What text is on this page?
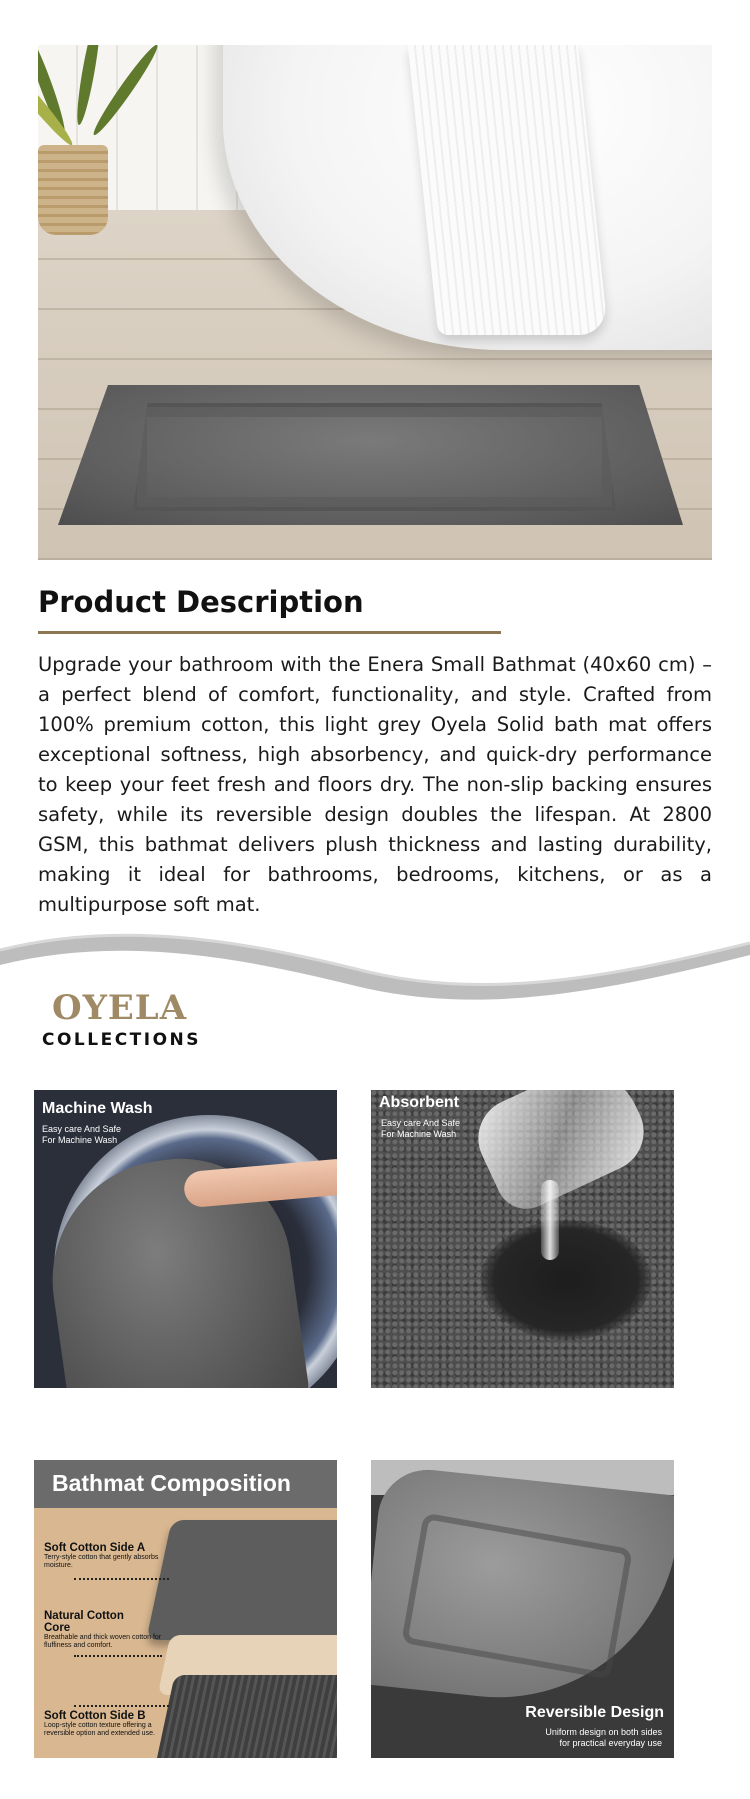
Product Description

Upgrade your bathroom with the Enera Small Bathmat (40x60 cm) – a perfect blend of comfort, functionality, and style. Crafted from 100% premium cotton, this light grey Oyela Solid bath mat offers exceptional softness, high absorbency, and quick-dry performance to keep your feet fresh and floors dry. The non-slip backing ensures safety, while its reversible design doubles the lifespan. At 2800 GSM, this bathmat delivers plush thickness and lasting durability, making it ideal for bathrooms, bedrooms, kitchens, or as a multipurpose soft mat.

OYELA
COLLECTIONS
Machine Wash
Easy care And Safe
For Machine Wash
Absorbent
Easy care And Safe
For Machine Wash
Bathmat Composition
Soft Cotton Side A
Terry-style cotton that gently absorbs moisture.
Natural Cotton
Core
Breathable and thick woven cotton for fluffiness and comfort.
Soft Cotton Side B
Loop-style cotton texture offering a reversible option and extended use.
Reversible Design
Uniform design on both sides
for practical everyday use
